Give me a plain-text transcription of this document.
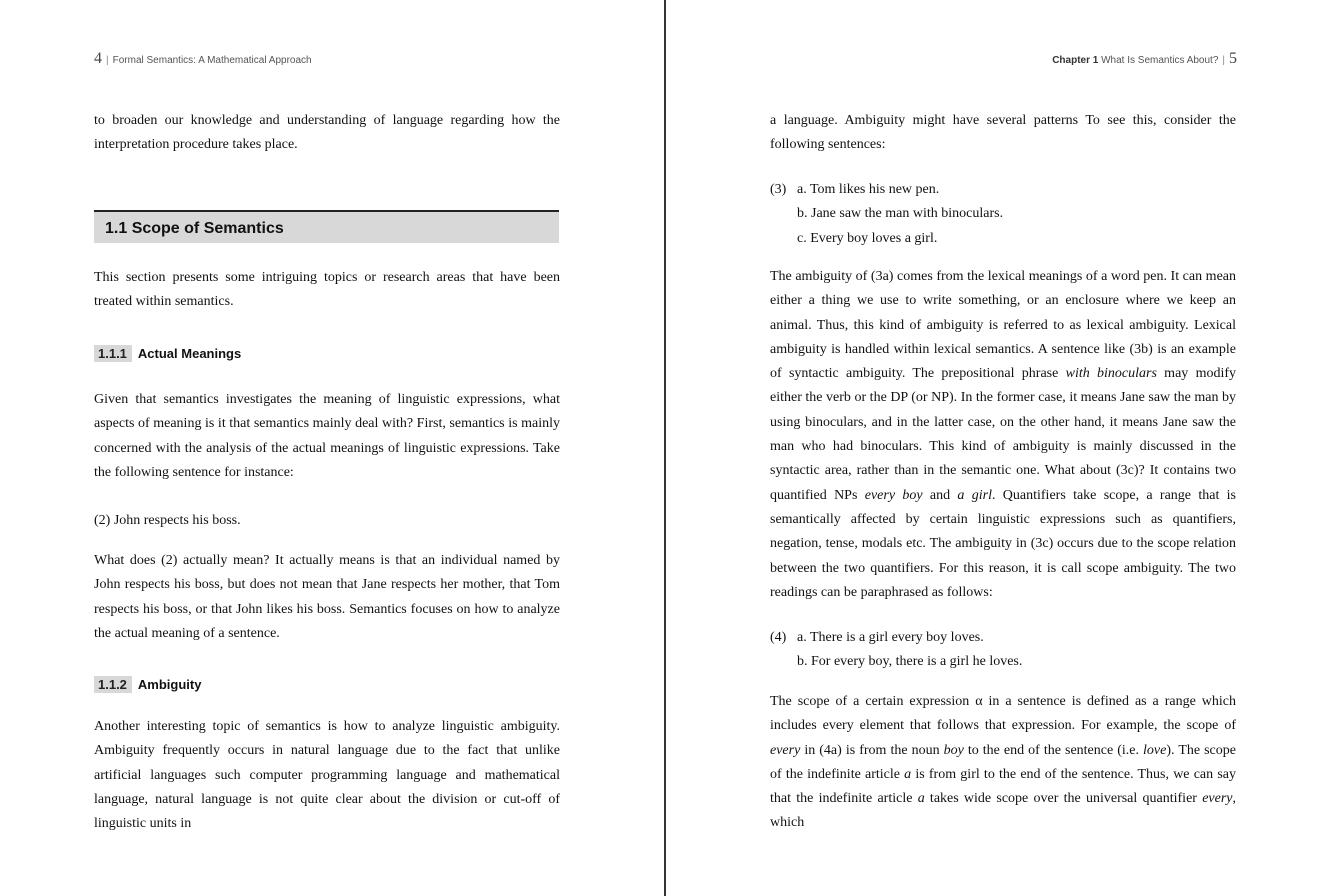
4 | Formal Semantics: A Mathematical Approach

to broaden our knowledge and understanding of language regarding how the interpretation procedure takes place.

1.1 Scope of Semantics

This section presents some intriguing topics or research areas that have been treated within semantics.

1.1.1 Actual Meanings

Given that semantics investigates the meaning of linguistic expressions, what aspects of meaning is it that semantics mainly deal with? First, semantics is mainly concerned with the analysis of the actual meanings of linguistic expressions. Take the following sentence for instance:

(2) John respects his boss.

What does (2) actually mean? It actually means is that an individual named by John respects his boss, but does not mean that Jane respects her mother, that Tom respects his boss, or that John likes his boss. Semantics focuses on how to analyze the actual meaning of a sentence.

1.1.2 Ambiguity

Another interesting topic of semantics is how to analyze linguistic ambiguity. Ambiguity frequently occurs in natural language due to the fact that unlike artificial languages such computer programming language and mathematical language, natural language is not quite clear about the division or cut-off of linguistic units in

Chapter 1 What Is Semantics About? | 5

a language. Ambiguity might have several patterns To see this, consider the following sentences:

(3) a. Tom likes his new pen.
b. Jane saw the man with binoculars.
c. Every boy loves a girl.

The ambiguity of (3a) comes from the lexical meanings of a word pen. It can mean either a thing we use to write something, or an enclosure where we keep an animal. Thus, this kind of ambiguity is referred to as lexical ambiguity. Lexical ambiguity is handled within lexical semantics. A sentence like (3b) is an example of syntactic ambiguity. The prepositional phrase with binoculars may modify either the verb or the DP (or NP). In the former case, it means Jane saw the man by using binoculars, and in the latter case, on the other hand, it means Jane saw the man who had binoculars. This kind of ambiguity is mainly discussed in the syntactic area, rather than in the semantic one. What about (3c)? It contains two quantified NPs every boy and a girl. Quantifiers take scope, a range that is semantically affected by certain linguistic expressions such as quantifiers, negation, tense, modals etc. The ambiguity in (3c) occurs due to the scope relation between the two quantifiers. For this reason, it is call scope ambiguity. The two readings can be paraphrased as follows:

(4) a. There is a girl every boy loves.
b. For every boy, there is a girl he loves.

The scope of a certain expression α in a sentence is defined as a range which includes every element that follows that expression. For example, the scope of every in (4a) is from the noun boy to the end of the sentence (i.e. love). The scope of the indefinite article a is from girl to the end of the sentence. Thus, we can say that the indefinite article a takes wide scope over the universal quantifier every, which
